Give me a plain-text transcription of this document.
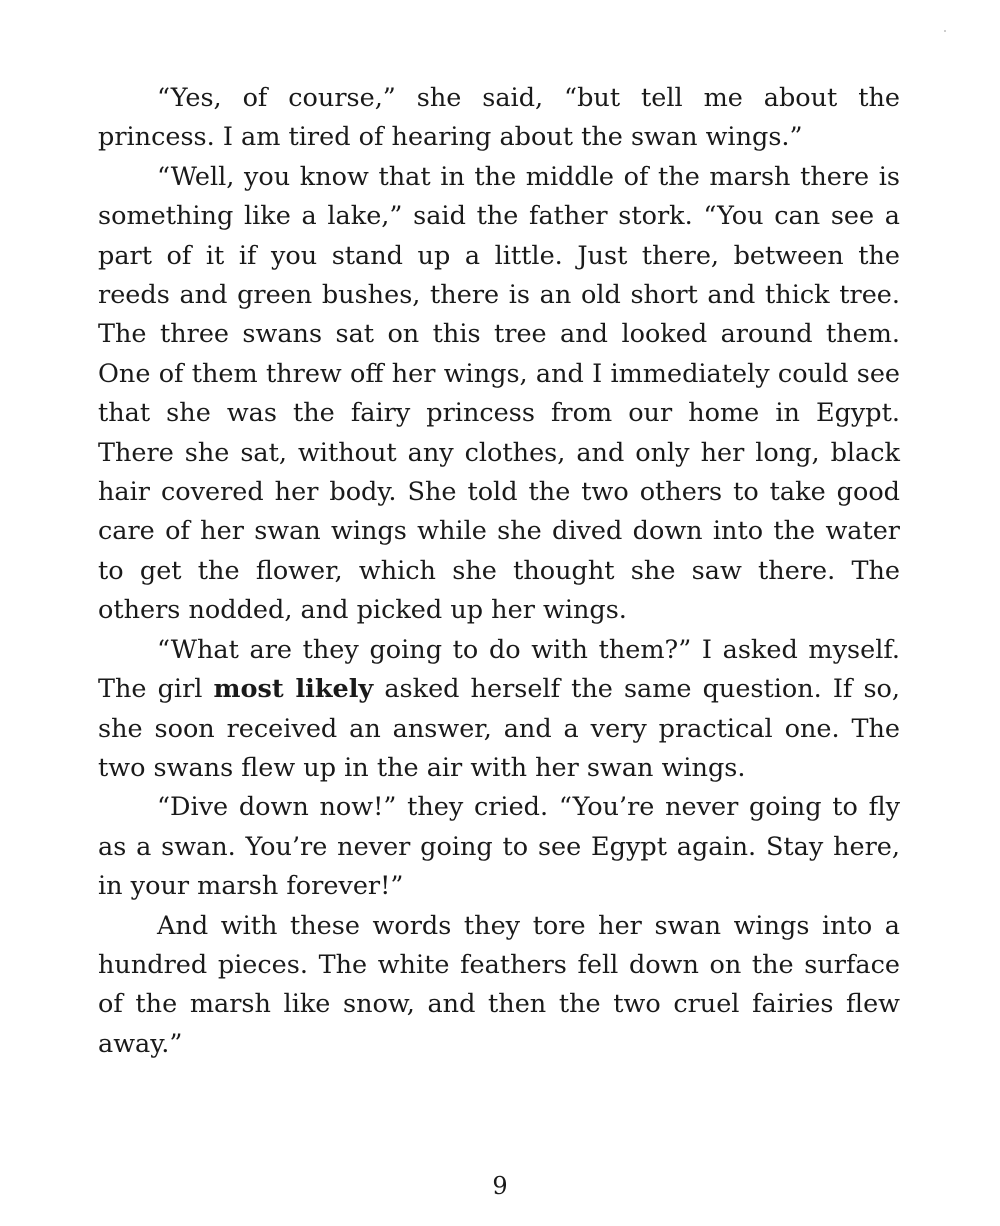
“Yes, of course,” she said, “but tell me about the princess. I am tired of hearing about the swan wings.”

“Well, you know that in the middle of the marsh there is something like a lake,” said the father stork. “You can see a part of it if you stand up a little. Just there, between the reeds and green bushes, there is an old short and thick tree. The three swans sat on this tree and looked around them. One of them threw off her wings, and I immediately could see that she was the fairy princess from our home in Egypt. There she sat, without any clothes, and only her long, black hair covered her body. She told the two others to take good care of her swan wings while she dived down into the water to get the flower, which she thought she saw there. The others nodded, and picked up her wings.

“What are they going to do with them?” I asked myself. The girl most likely asked herself the same question. If so, she soon received an answer, and a very practical one. The two swans flew up in the air with her swan wings.

“Dive down now!” they cried. “You’re never going to fly as a swan. You’re never going to see Egypt again. Stay here, in your marsh forever!”

And with these words they tore her swan wings into a hundred pieces. The white feathers fell down on the surface of the marsh like snow, and then the two cruel fairies flew away.”

9
